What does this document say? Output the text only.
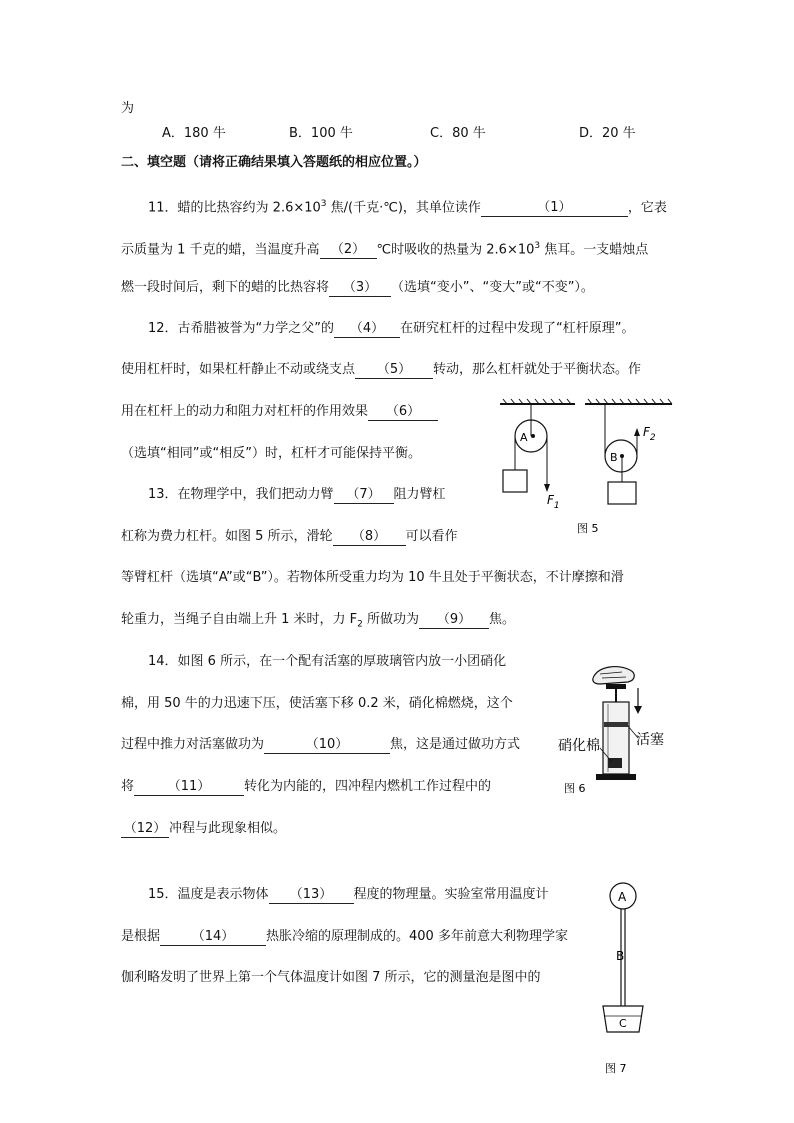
为
A．180 牛	B．100 牛	C．80 牛	D．20 牛
二、填空题（请将正确结果填入答题纸的相应位置。）
11．蜡的比热容约为 $2.6\times 10^3$ 焦/(千克·℃)，其单位读作	（1）	，它表
示质量为 1 千克的蜡，当温度升高 （2） ℃时吸收的热量为 $2.6\times 10^3$ 焦耳。一支蜡烛点
燃一段时间后，剩下的蜡的比热容将 （3） （选填“变小”、“变大”或“不变”）。
12．古希腊被誉为“力学之父”的 （4） 在研究杠杆的过程中发现了“杠杆原理”。
使用杠杆时，如果杠杆静止不动或绕支点 （5） 转动，那么杠杆就处于平衡状态。作
用在杠杆上的动力和阻力对杠杆的作用效果 （6）
（选填“相同”或“相反”）时，杠杆才可能保持平衡。
13．在物理学中，我们把动力臂 （7） 阻力臂杠
杠称为费力杠杆。如图 5 所示，滑轮 （8） 可以看作
等臂杠杆（选填“A”或“B”）。若物体所受重力均为 10 牛且处于平衡状态，不计摩擦和滑
轮重力，当绳子自由端上升 1 米时，力 $F_2$ 所做功为 （9） 焦。
14．如图 6 所示，在一个配有活塞的厚玻璃管内放一小团硝化
棉，用 50 牛的力迅速下压，使活塞下移 0.2 米，硝化棉燃烧，这个
过程中推力对活塞做功为	（10）	焦，这是通过做功方式
将	（11）	转化为内能的，四冲程内燃机工作过程中的
（12） 冲程与此现象相似。
15．温度是表示物体 （13） 程度的物理量。实验室常用温度计
是根据 （14） 热胀冷缩的原理制成的。400 多年前意大利物理学家
伽利略发明了世界上第一个气体温度计如图 7 所示，它的测量泡是图中的
A
$F_1$
B
$F_2$
图 5
硝化棉	活塞
图 6
A
B
C
图 7
